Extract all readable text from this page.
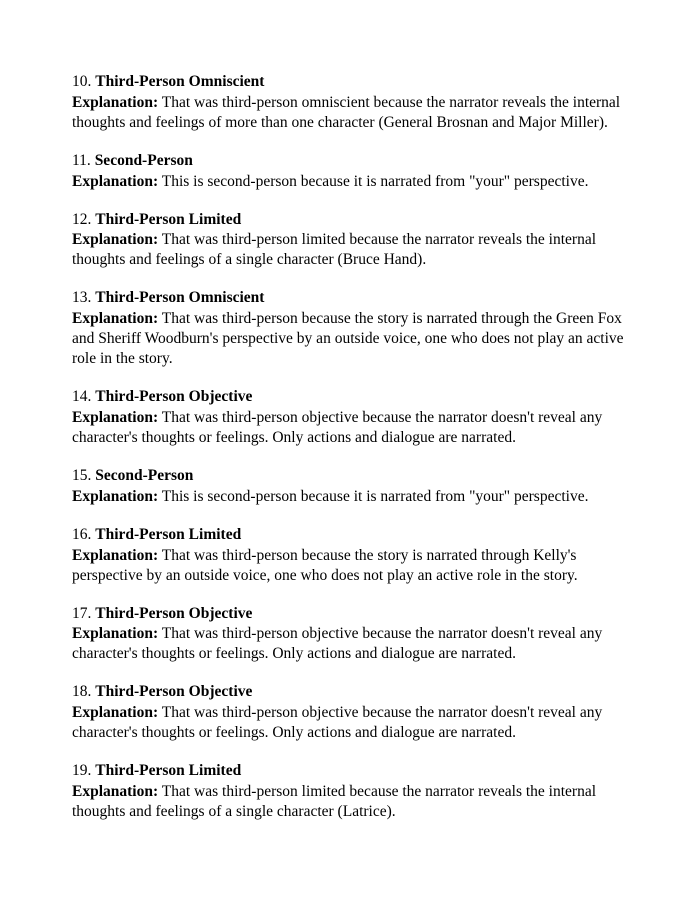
10. Third-Person Omniscient

Explanation: That was third-person omniscient because the narrator reveals the internal thoughts and feelings of more than one character (General Brosnan and Major Miller).

11. Second-Person

Explanation: This is second-person because it is narrated from "your" perspective.

12. Third-Person Limited

Explanation: That was third-person limited because the narrator reveals the internal thoughts and feelings of a single character (Bruce Hand).

13. Third-Person Omniscient

Explanation: That was third-person because the story is narrated through the Green Fox and Sheriff Woodburn's perspective by an outside voice, one who does not play an active role in the story.

14. Third-Person Objective

Explanation: That was third-person objective because the narrator doesn't reveal any character's thoughts or feelings. Only actions and dialogue are narrated.

15. Second-Person

Explanation: This is second-person because it is narrated from "your" perspective.

16. Third-Person Limited

Explanation: That was third-person because the story is narrated through Kelly's perspective by an outside voice, one who does not play an active role in the story.

17. Third-Person Objective

Explanation: That was third-person objective because the narrator doesn't reveal any character's thoughts or feelings. Only actions and dialogue are narrated.

18. Third-Person Objective

Explanation: That was third-person objective because the narrator doesn't reveal any character's thoughts or feelings. Only actions and dialogue are narrated.

19. Third-Person Limited

Explanation: That was third-person limited because the narrator reveals the internal thoughts and feelings of a single character (Latrice).
